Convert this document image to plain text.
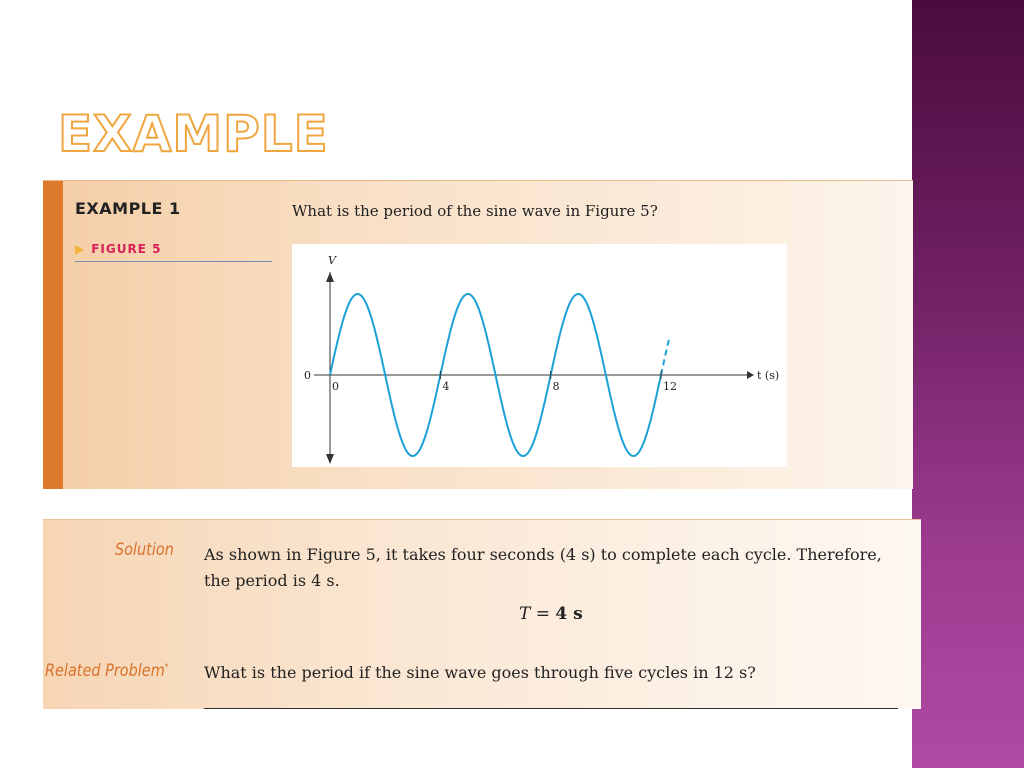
EXAMPLE
EXAMPLE 1
▶ FIGURE 5
What is the period of the sine wave in Figure 5?
V
t (s)
0
0	4	8	12
Solution As shown in Figure 5, it takes four seconds (4 s) to complete each cycle. Therefore, the period is 4 s.
T = 4 s
Related Problem* What is the period if the sine wave goes through five cycles in 12 s?
